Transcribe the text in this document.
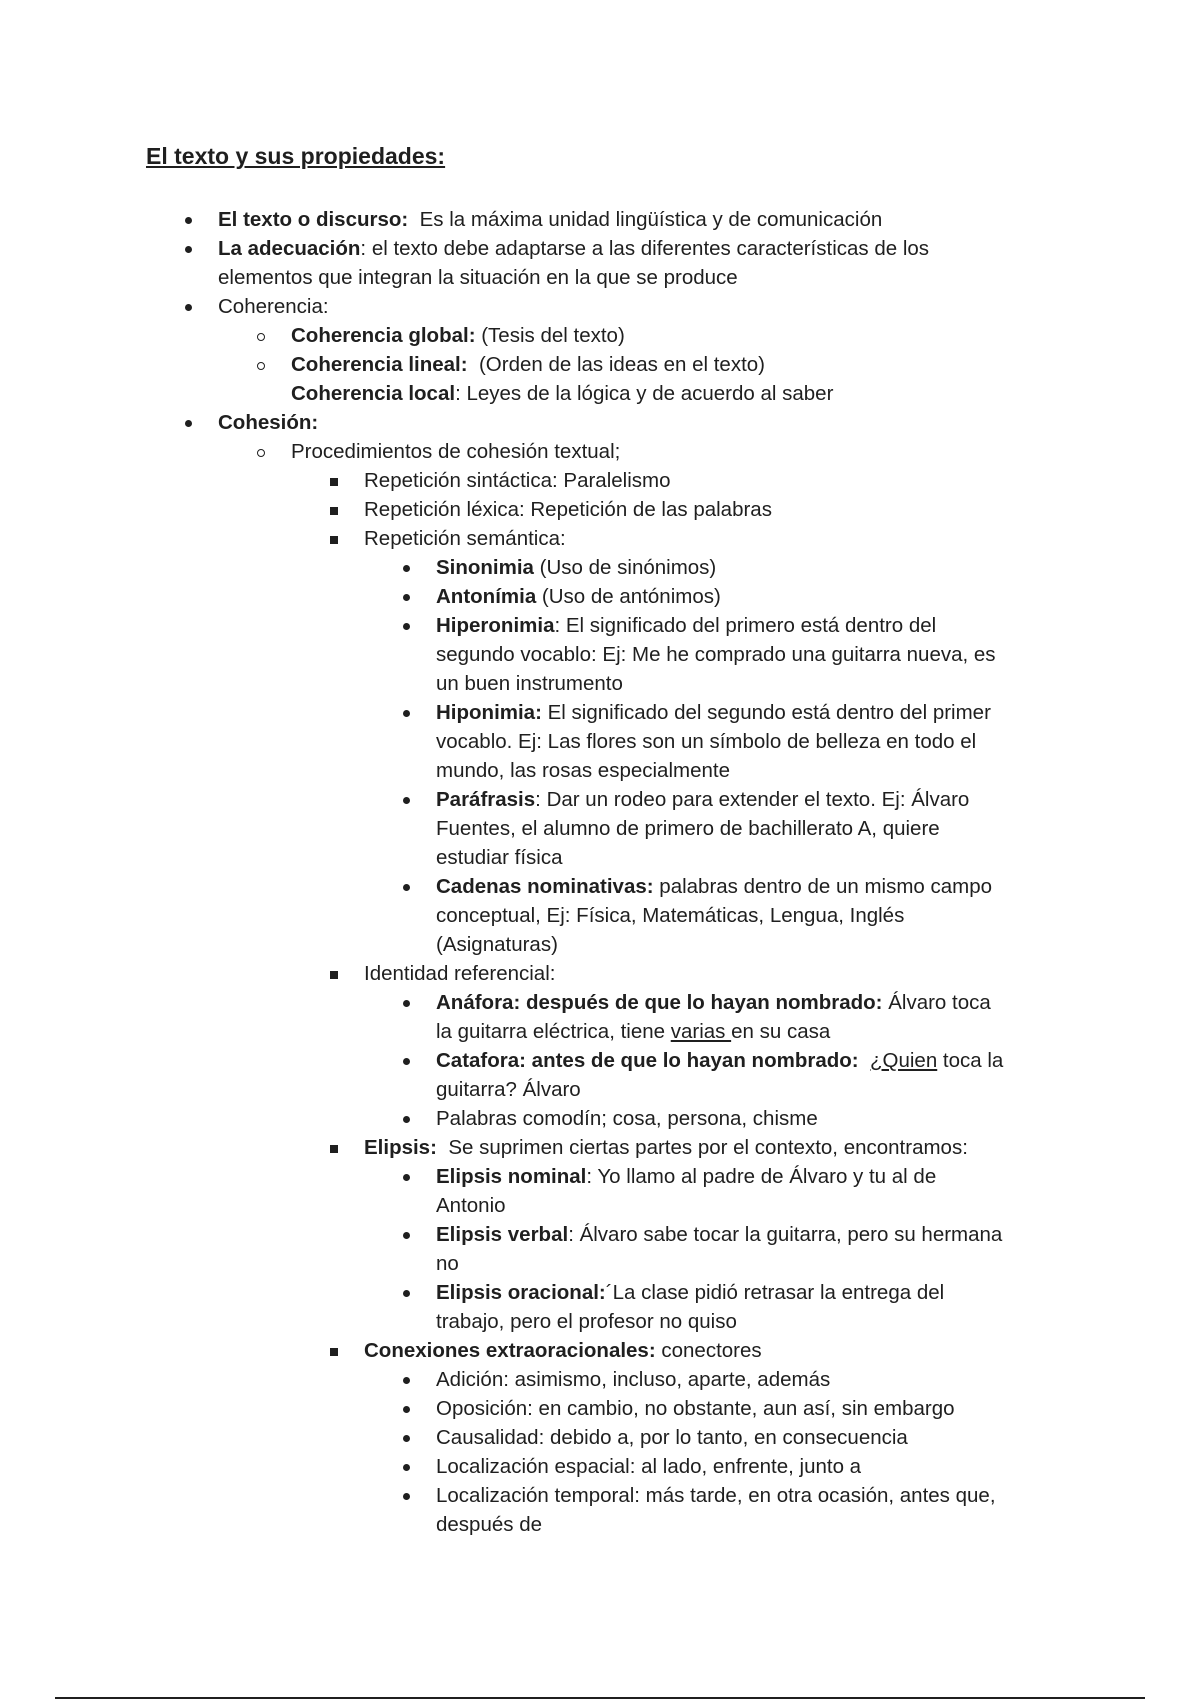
El texto y sus propiedades:
El texto o discurso:  Es la máxima unidad lingüística y de comunicación
La adecuación: el texto debe adaptarse a las diferentes características de los
elementos que integran la situación en la que se produce
Coherencia:
Coherencia global: (Tesis del texto)
Coherencia lineal:  (Orden de las ideas en el texto)
Coherencia local: Leyes de la lógica y de acuerdo al saber
Cohesión:
Procedimientos de cohesión textual;
Repetición sintáctica: Paralelismo
Repetición léxica: Repetición de las palabras
Repetición semántica:
Sinonimia (Uso de sinónimos)
Antonímia (Uso de antónimos)
Hiperonimia: El significado del primero está dentro del
segundo vocablo: Ej: Me he comprado una guitarra nueva, es
un buen instrumento
Hiponimia: El significado del segundo está dentro del primer
vocablo. Ej: Las flores son un símbolo de belleza en todo el
mundo, las rosas especialmente
Paráfrasis: Dar un rodeo para extender el texto. Ej: Álvaro
Fuentes, el alumno de primero de bachillerato A, quiere
estudiar física
Cadenas nominativas: palabras dentro de un mismo campo
conceptual, Ej: Física, Matemáticas, Lengua, Inglés
(Asignaturas)
Identidad referencial:
Anáfora: después de que lo hayan nombrado: Álvaro toca
la guitarra eléctrica, tiene varias en su casa
Catafora: antes de que lo hayan nombrado: ¿Quien toca la
guitarra? Álvaro
Palabras comodín; cosa, persona, chisme
Elipsis:  Se suprimen ciertas partes por el contexto, encontramos:
Elipsis nominal: Yo llamo al padre de Álvaro y tu al de
Antonio
Elipsis verbal: Álvaro sabe tocar la guitarra, pero su hermana
no
Elipsis oracional:´La clase pidió retrasar la entrega del
trabajo, pero el profesor no quiso
Conexiones extraoracionales: conectores
Adición: asimismo, incluso, aparte, además
Oposición: en cambio, no obstante, aun así, sin embargo
Causalidad: debido a, por lo tanto, en consecuencia
Localización espacial: al lado, enfrente, junto a
Localización temporal: más tarde, en otra ocasión, antes que,
después de
